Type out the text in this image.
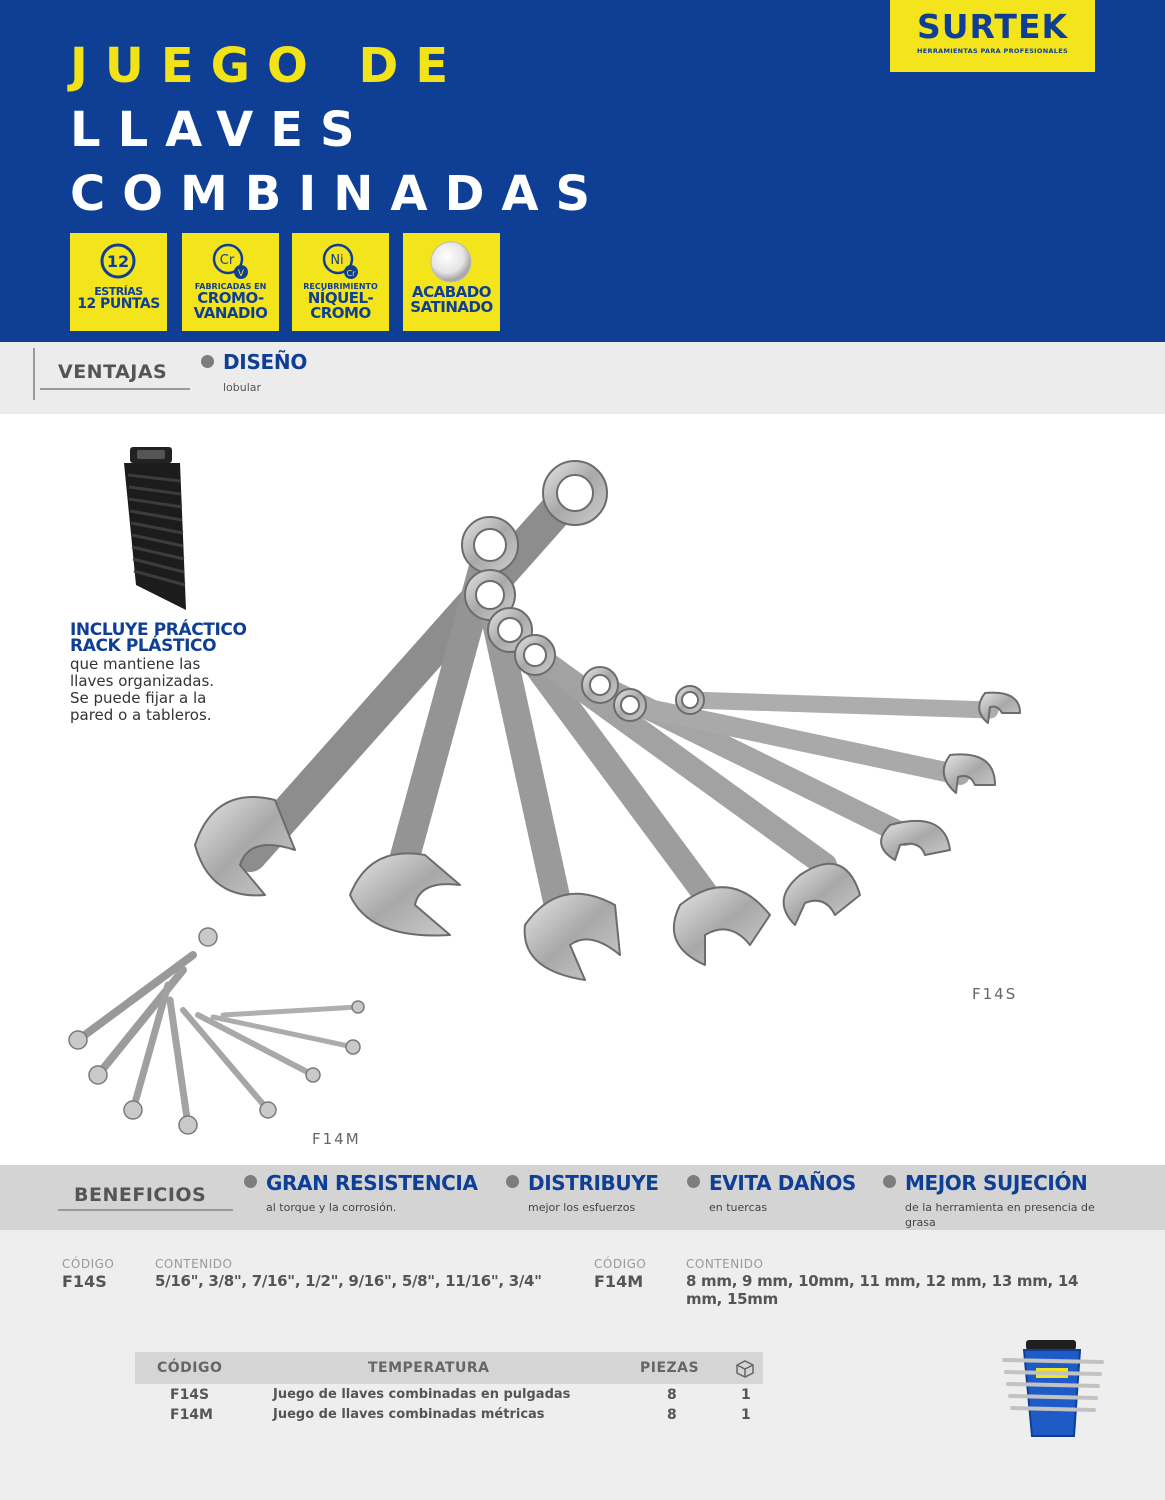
JUEGO DE
LLAVES
COMBINADAS
SURTEK
HERRAMIENTAS PARA PROFESIONALES
12
ESTRÍAS
12 PUNTAS
Cr
V
FABRICADAS EN
CROMO-
VANADIO
Ni
Cr
RECUBRIMIENTO
NÍQUEL-
CROMO
ACABADO
SATINADO
VENTAJAS	DISEÑO
lobular
INCLUYE PRÁCTICO
RACK PLÁSTICO
que mantiene las
llaves organizadas.
Se puede fijar a la
pared o a tableros.
F14S
F14M
BENEFICIOS	GRAN RESISTENCIA
al torque y la corrosión.
DISTRIBUYE
mejor los esfuerzos
EVITA DAÑOS
en tuercas
MEJOR SUJECIÓN
de la herramienta en presencia de grasa
CÓDIGO
F14S
CONTENIDO
5/16", 3/8", 7/16", 1/2", 9/16", 5/8", 11/16", 3/4"
CÓDIGO
F14M
CONTENIDO
8 mm, 9 mm, 10mm, 11 mm, 12 mm, 13 mm, 14 mm, 15mm
CÓDIGO	TEMPERATURA	PIEZAS
F14S	Juego de llaves combinadas en pulgadas	8	1
F14M	Juego de llaves combinadas métricas	8	1
